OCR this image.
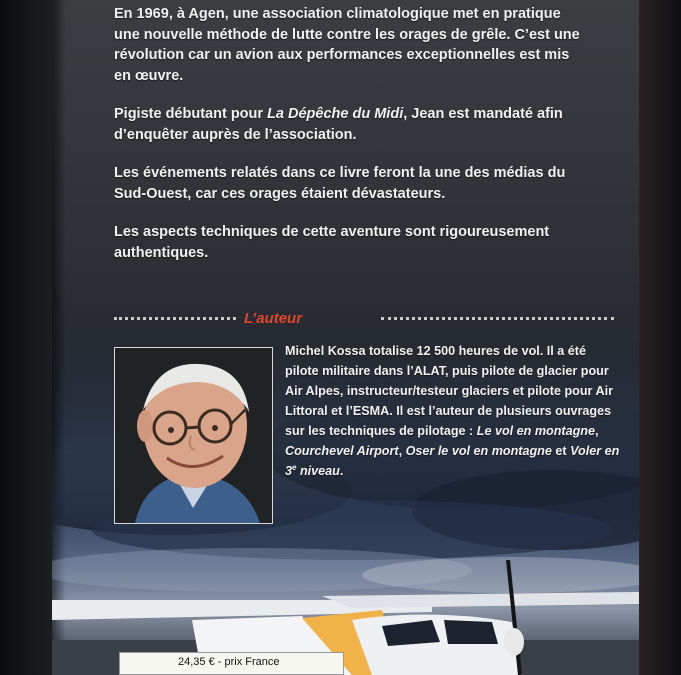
En 1969, à Agen, une association climatologique met en pratique une nouvelle méthode de lutte contre les orages de grêle. C’est une révolution car un avion aux performances exceptionnelles est mis en œuvre.

Pigiste débutant pour La Dépêche du Midi, Jean est mandaté afin d’enquêter auprès de l’association.

Les événements relatés dans ce livre feront la une des médias du Sud-Ouest, car ces orages étaient dévastateurs.

Les aspects techniques de cette aventure sont rigoureusement authentiques.

L’auteur
Michel Kossa totalise 12 500 heures de vol. Il a été pilote militaire dans l’ALAT, puis pilote de glacier pour Air Alpes, instructeur/testeur glaciers et pilote pour Air Littoral et l’ESMA. Il est l’auteur de plusieurs ouvrages sur les techniques de pilotage : Le vol en montagne, Courchevel Airport, Oser le vol en montagne et Voler en 3e niveau.
24,35 € - prix France
